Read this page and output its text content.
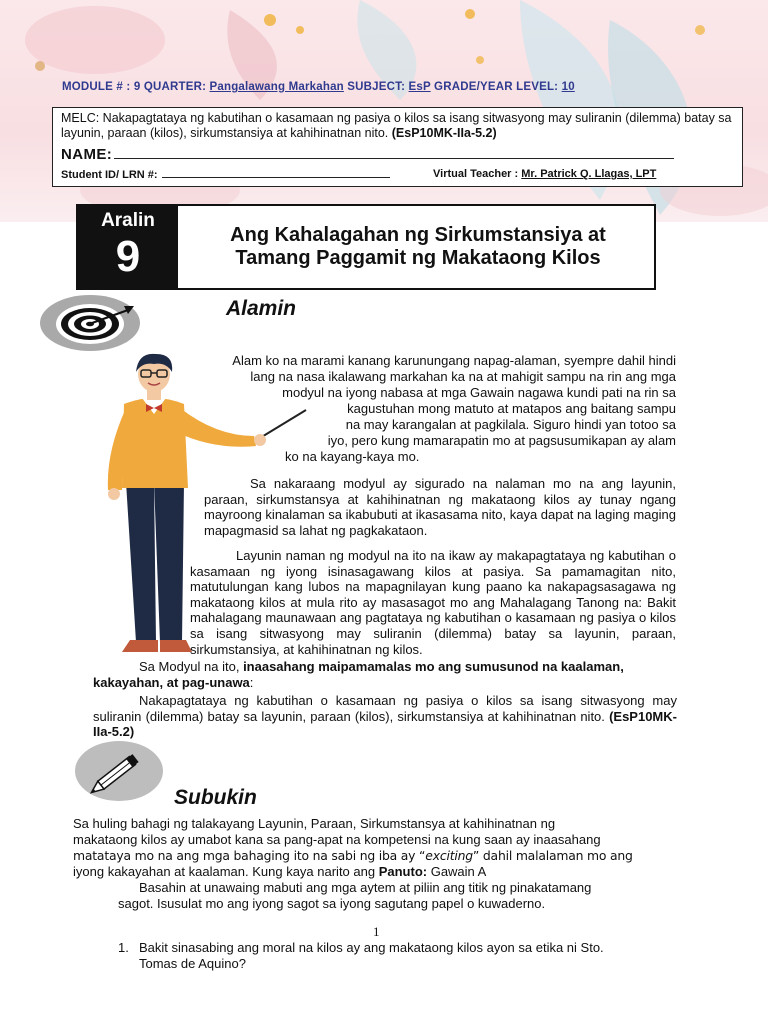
MODULE # : 9 QUARTER: Pangalawang Markahan SUBJECT: EsP GRADE/YEAR LEVEL: 10
MELC: Nakapagtataya ng kabutihan o kasamaan ng pasiya o kilos sa isang sitwasyong may suliranin (dilemma) batay sa layunin, paraan (kilos), sirkumstansiya at kahihinatnan nito. (EsP10MK-IIa-5.2)
NAME:
Student ID/ LRN #:	Virtual Teacher : Mr. Patrick Q. Llagas, LPT
Aralin
9	Ang Kahalagahan ng Sirkumstansiya at
Tamang Paggamit ng Makataong Kilos
Alamin
Alam ko na marami kanang karunungang napag-alaman, syempre dahil hindi
lang na nasa ikalawang markahan ka na at mahigit sampu na rin ang mga
modyul na iyong nabasa at mga Gawain nagawa kundi pati na rin sa
kagustuhan mong matuto at matapos ang baitang sampu
na may karangalan at pagkilala. Siguro hindi yan totoo sa
iyo, pero kung mamarapatin mo at pagsusumikapan ay alam
ko na kayang-kaya mo.
Sa nakaraang modyul ay sigurado na nalaman mo na ang layunin, paraan, sirkumstansya at kahihinatnan ng makataong kilos ay tunay ngang mayroong kinalaman sa ikabubuti at ikasasama nito, kaya dapat na laging maging mapagmasid sa lahat ng pagkakataon.
Layunin naman ng modyul na ito na ikaw ay makapagtataya ng kabutihan o kasamaan ng iyong isinasagawang kilos at pasiya. Sa pamamagitan nito, matutulungan kang lubos na mapagnilayan kung paano ka nakapagsasagawa ng makataong kilos at mula rito ay masasagot mo ang Mahalagang Tanong na: Bakit mahalagang maunawaan ang pagtataya ng kabutihan o kasamaan ng pasiya o kilos sa isang sitwasyong may suliranin (dilemma) batay sa layunin, paraan, sirkumstansiya, at kahihinatnan ng kilos.
Sa Modyul na ito, inaasahang maipamamalas mo ang sumusunod na kaalaman, kakayahan, at pag-unawa:
Nakapagtataya ng kabutihan o kasamaan ng pasiya o kilos sa isang sitwasyong may suliranin (dilemma) batay sa layunin, paraan (kilos), sirkumstansiya at kahihinatnan nito. (EsP10MK-IIa-5.2)
Subukin
Sa huling bahagi ng talakayang Layunin, Paraan, Sirkumstansya at kahihinatnan ng
makataong kilos ay umabot kana sa pang-apat na kompetensi na kung saan ay inaasahang
matataya mo na ang mga bahaging ito na sabi ng iba ay “exciting” dahil malalaman mo ang
iyong kakayahan at kaalaman. Kung kaya narito ang Panuto: Gawain A
Basahin at unawaing mabuti ang mga aytem at piliin ang titik ng pinakatamang
sagot. Isusulat mo ang iyong sagot sa iyong sagutang papel o kuwaderno.
1
1. Bakit sinasabing ang moral na kilos ay ang makataong kilos ayon sa etika ni Sto.
Tomas de Aquino?
